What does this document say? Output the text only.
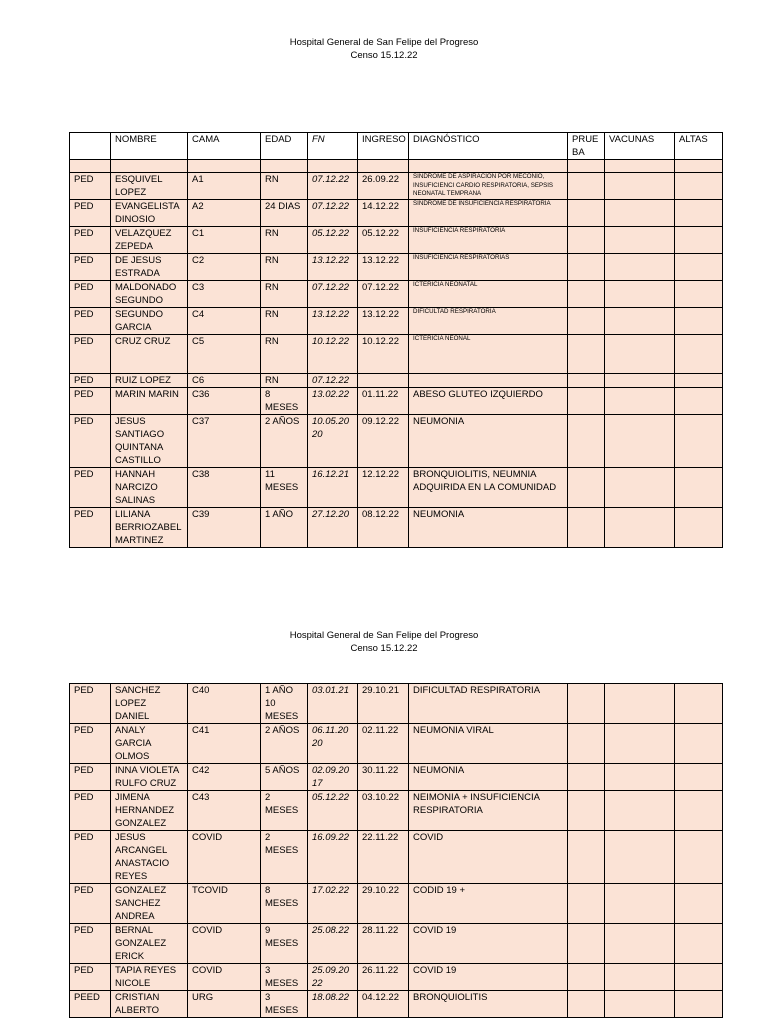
Hospital General de San Felipe del Progreso
Censo 15.12.22
	NOMBRE	CAMA	EDAD	FN	INGRESO	DIAGNÓSTICO	PRUE BA	VACUNAS	ALTAS

PED	ESQUIVEL LOPEZ	A1	RN	07.12.22	26.09.22	SINDROME DE ASPIRACION POR MECONIO, INSUFICIENCI CARDIO RESPIRATORIA, SEPSIS NEONATAL TEMPRANA			
PED	EVANGELISTA DINOSIO	A2	24 DIAS	07.12.22	14.12.22	SINDROME DE INSUFICIENCIA RESPIRATORIA			
PED	VELAZQUEZ ZEPEDA	C1	RN	05.12.22	05.12.22	INSUFICIENCIA RESPIRATORIA			
PED	DE JESUS ESTRADA	C2	RN	13.12.22	13.12.22	INSUFICIENCIA RESPIRATORIAS			
PED	MALDONADO SEGUNDO	C3	RN	07.12.22	07.12.22	ICTERICIA NEONATAL			
PED	SEGUNDO GARCIA	C4	RN	13.12.22	13.12.22	DIFICULTAD RESPIRATORIA			
PED	CRUZ CRUZ	C5	RN	10.12.22	10.12.22	ICTERICIA NEONAL			
PED	RUIZ LOPEZ	C6	RN	07.12.22					
PED	MARIN MARIN	C36	8 MESES	13.02.22	01.11.22	ABESO GLUTEO IZQUIERDO			
PED	JESUS SANTIAGO QUINTANA CASTILLO	C37	2 AÑOS	10.05.20 20	09.12.22	NEUMONIA			
PED	HANNAH NARCIZO SALINAS	C38	11 MESES	16.12.21	12.12.22	BRONQUIOLITIS, NEUMNIA ADQUIRIDA EN LA COMUNIDAD			
PED	LILIANA BERRIOZABEL MARTINEZ	C39	1 AÑO	27.12.20	08.12.22	NEUMONIA			
Hospital General de San Felipe del Progreso
Censo 15.12.22
PED	SANCHEZ LOPEZ DANIEL	C40	1 AÑO 10 MESES	03.01.21	29.10.21	DIFICULTAD RESPIRATORIA			
PED	ANALY GARCIA OLMOS	C41	2 AÑOS	06.11.20 20	02.11.22	NEUMONIA VIRAL			
PED	INNA VIOLETA RULFO CRUZ	C42	5 AÑOS	02.09.20 17	30.11.22	NEUMONIA			
PED	JIMENA HERNANDEZ GONZALEZ	C43	2 MESES	05.12.22	03.10.22	NEIMONIA + INSUFICIENCIA RESPIRATORIA			
PED	JESUS ARCANGEL ANASTACIO REYES	COVID	2 MESES	16.09.22	22.11.22	COVID			
PED	GONZALEZ SANCHEZ ANDREA	TCOVID	8 MESES	17.02.22	29.10.22	CODID 19 +			
PED	BERNAL GONZALEZ ERICK	COVID	9 MESES	25.08.22	28.11.22	COVID 19			
PED	TAPIA REYES NICOLE	COVID	3 MESES	25.09.20 22	26.11.22	COVID 19			
PEED	CRISTIAN ALBERTO	URG	3 MESES	18.08.22	04.12.22	BRONQUIOLITIS			
